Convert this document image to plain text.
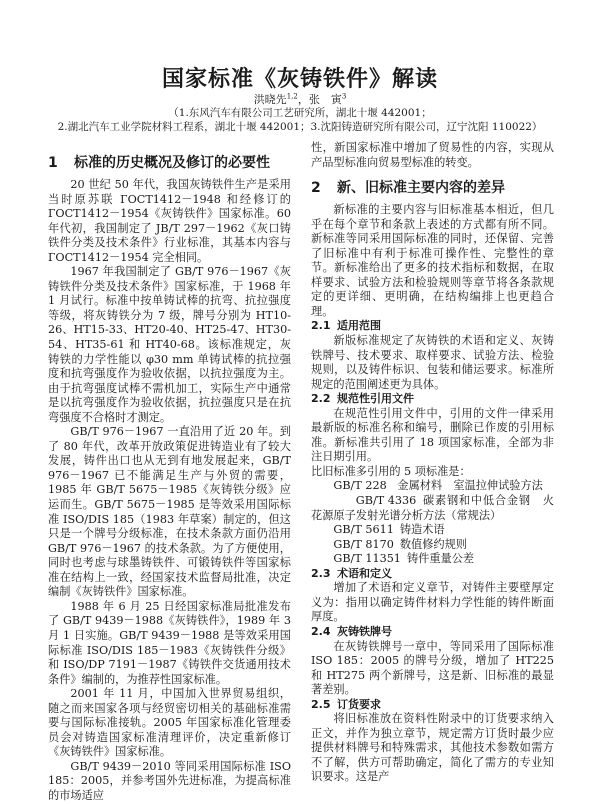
国家标准《灰铸铁件》解读
洪晓先$^{1,2}$，张　寅$^3$
（1.东风汽车有限公司工艺研究所，湖北十堰 442001；
2.湖北汽车工业学院材料工程系，湖北十堰 442001；3.沈阳铸造研究所有限公司，辽宁沈阳 110022）
1 标准的历史概况及修订的必要性

20 世纪 50 年代，我国灰铸铁件生产是采用当时原苏联 ГОСТ1412－1948 和经修订的 ГОСТ1412－1954《灰铸铁件》国家标准。60 年代初，我国制定了 JB/T 297－1962《灰口铸铁件分类及技术条件》行业标准，其基本内容与 ГОСТ1412－1954 完全相同。

1967 年我国制定了 GB/T 976－1967《灰铸铁件分类及技术条件》国家标准，于 1968 年 1 月试行。标准中按单铸试棒的抗弯、抗拉强度等级，将灰铸铁分为 7 级，牌号分别为 HT10-26、HT15-33、HT20-40、HT25-47、HT30-54、HT35-61 和 HT40-68。该标准规定，灰铸铁的力学性能以 φ30 mm 单铸试棒的抗拉强度和抗弯强度作为验收依据，以抗拉强度为主。由于抗弯强度试棒不需机加工，实际生产中通常是以抗弯强度作为验收依据，抗拉强度只是在抗弯强度不合格时才测定。

GB/T 976－1967 一直沿用了近 20 年。到了 80 年代，改革开放政策促进铸造业有了较大发展，铸件出口也从无到有地发展起来，GB/T 976－1967 已不能满足生产与外贸的需要，1985 年 GB/T 5675－1985《灰铸铁分级》应运而生。GB/T 5675－1985 是等效采用国际标准 ISO/DIS 185（1983 年草案）制定的，但这只是一个牌号分级标准，在技术条款方面仍沿用 GB/T 976－1967 的技术条款。为了方便使用，同时也考虑与球墨铸铁件、可锻铸铁件等国家标准在结构上一致，经国家技术监督局批准，决定编制《灰铸铁件》国家标准。

1988 年 6 月 25 日经国家标准局批准发布了 GB/T 9439－1988《灰铸铁件》，1989 年 3 月 1 日实施。GB/T 9439－1988 是等效采用国际标准 ISO/DIS 185－1983《灰铸铁件分级》和 ISO/DP 7191－1987《铸铁件交货通用技术条件》编制的，为推荐性国家标准。

2001 年 11 月，中国加入世界贸易组织，随之而来国家各项与经贸密切相关的基础标准需要与国际标准接轨。2005 年国家标准化管理委员会对铸造国家标准清理评价，决定重新修订《灰铸铁件》国家标准。

GB/T 9439－2010 等同采用国际标准 ISO 185：2005，并参考国外先进标准，为提高标准的市场适应

性，新国家标准中增加了贸易性的内容，实现从产品型标准向贸易型标准的转变。

2 新、旧标准主要内容的差异

新标准的主要内容与旧标准基本相近，但几乎在每个章节和条款上表述的方式都有所不同。新标准等同采用国际标准的同时，还保留、完善了旧标准中有利于标准可操作性、完整性的章节。新标准给出了更多的技术指标和数据，在取样要求、试验方法和检验规则等章节将各条款规定的更详细、更明确，在结构编排上也更趋合理。

2.1 适用范围

新版标准规定了灰铸铁的术语和定义、灰铸铁牌号、技术要求、取样要求、试验方法、检验规则，以及铸件标识、包装和储运要求。标准所规定的范围阐述更为具体。

2.2 规范性引用文件

在规范性引用文件中，引用的文件一律采用最新版的标准名称和编号，删除已作废的引用标准。新标准共引用了 18 项国家标准，全部为非注日期引用。

比旧标准多引用的 5 项标准是：

GB/T 228 金属材料　室温拉伸试验方法
GB/T 4336 碳素钢和中低合金钢　火花源原子发射光谱分析方法（常规法）
GB/T 5611 铸造术语
GB/T 8170 数值修约规则
GB/T 11351 铸件重量公差
2.3 术语和定义

增加了术语和定义章节，对铸件主要壁厚定义为：指用以确定铸件材料力学性能的铸件断面厚度。

2.4 灰铸铁牌号

在灰铸铁牌号一章中，等同采用了国际标准 ISO 185：2005 的牌号分级，增加了 HT225 和 HT275 两个新牌号，这是新、旧标准的最显著差别。

2.5 订货要求

将旧标准放在资料性附录中的订货要求纳入正文，并作为独立章节，规定需方订货时最少应提供材料牌号和特殊需求，其他技术参数如需方不了解，供方可帮助确定，简化了需方的专业知识要求。这是产
